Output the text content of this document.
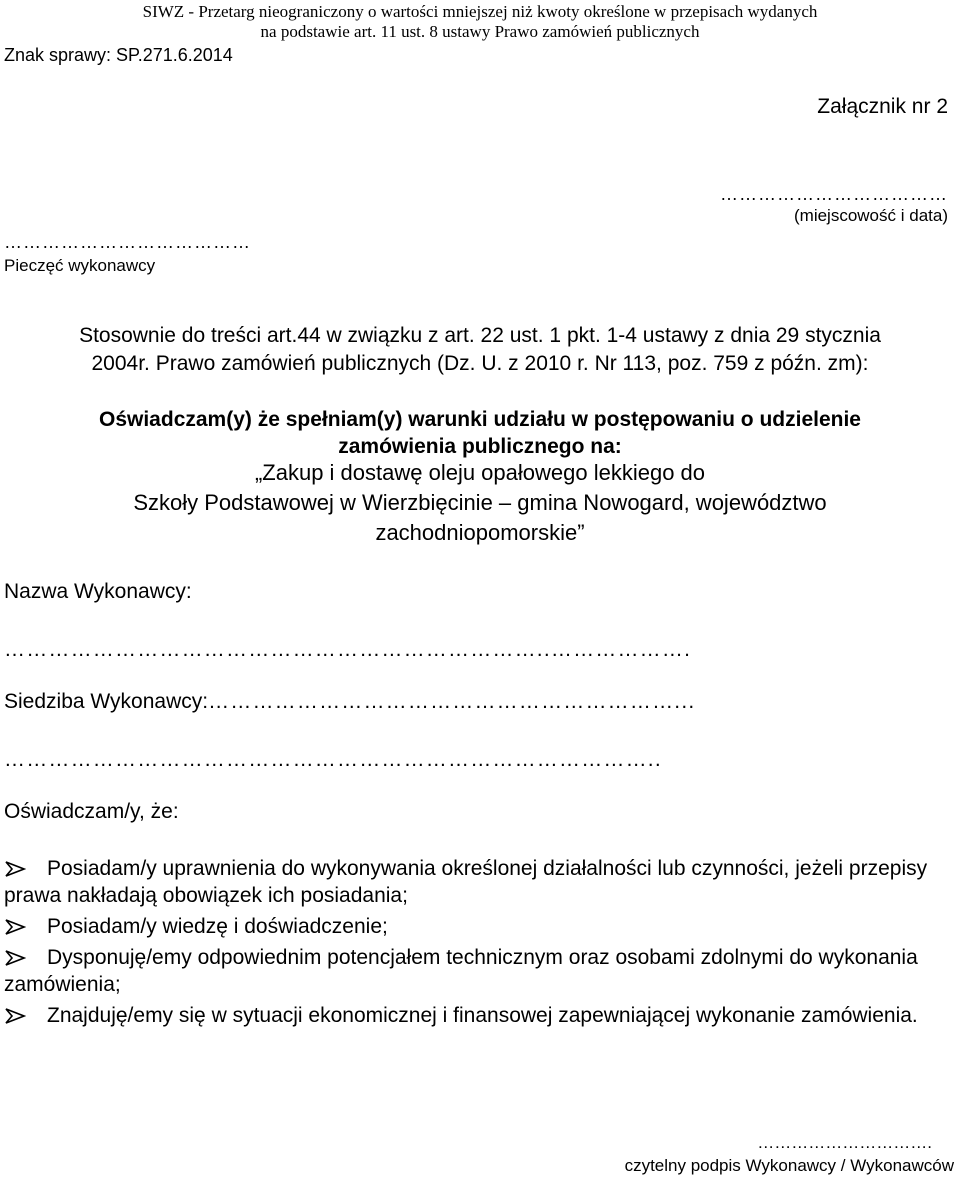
SIWZ - Przetarg nieograniczony o wartości mniejszej niż kwoty określone w przepisach wydanych
na podstawie art. 11 ust. 8 ustawy Prawo zamówień publicznych
Znak sprawy: SP.271.6.2014
Załącznik nr 2
………………………………
(miejscowość i data)
…………………………………
Pieczęć wykonawcy
Stosownie do treści art.44 w związku z art. 22 ust. 1 pkt. 1-4 ustawy z dnia 29 stycznia
2004r. Prawo zamówień publicznych (Dz. U. z 2010 r. Nr 113, poz. 759 z późn. zm):
Oświadczam(y) że spełniam(y) warunki udziału w postępowaniu o udzielenie
zamówienia publicznego na:
„Zakup i dostawę oleju opałowego lekkiego do
Szkoły Podstawowej w Wierzbięcinie – gmina Nowogard, województwo
zachodniopomorskie”
Nazwa Wykonawcy:
………………………………………………………………..……………….
Siedziba Wykonawcy:………………………………………………………...
……………………………………………………………………………..
Oświadczam/y, że:
Posiadam/y uprawnienia do wykonywania określonej działalności lub czynności, jeżeli przepisy prawa nakładają obowiązek ich posiadania;
Posiadam/y wiedzę i doświadczenie;
Dysponuję/emy odpowiednim potencjałem technicznym oraz osobami zdolnymi do wykonania zamówienia;
Znajduję/emy się w sytuacji ekonomicznej i finansowej zapewniającej wykonanie zamówienia.
………………………….
czytelny podpis Wykonawcy / Wykonawców
